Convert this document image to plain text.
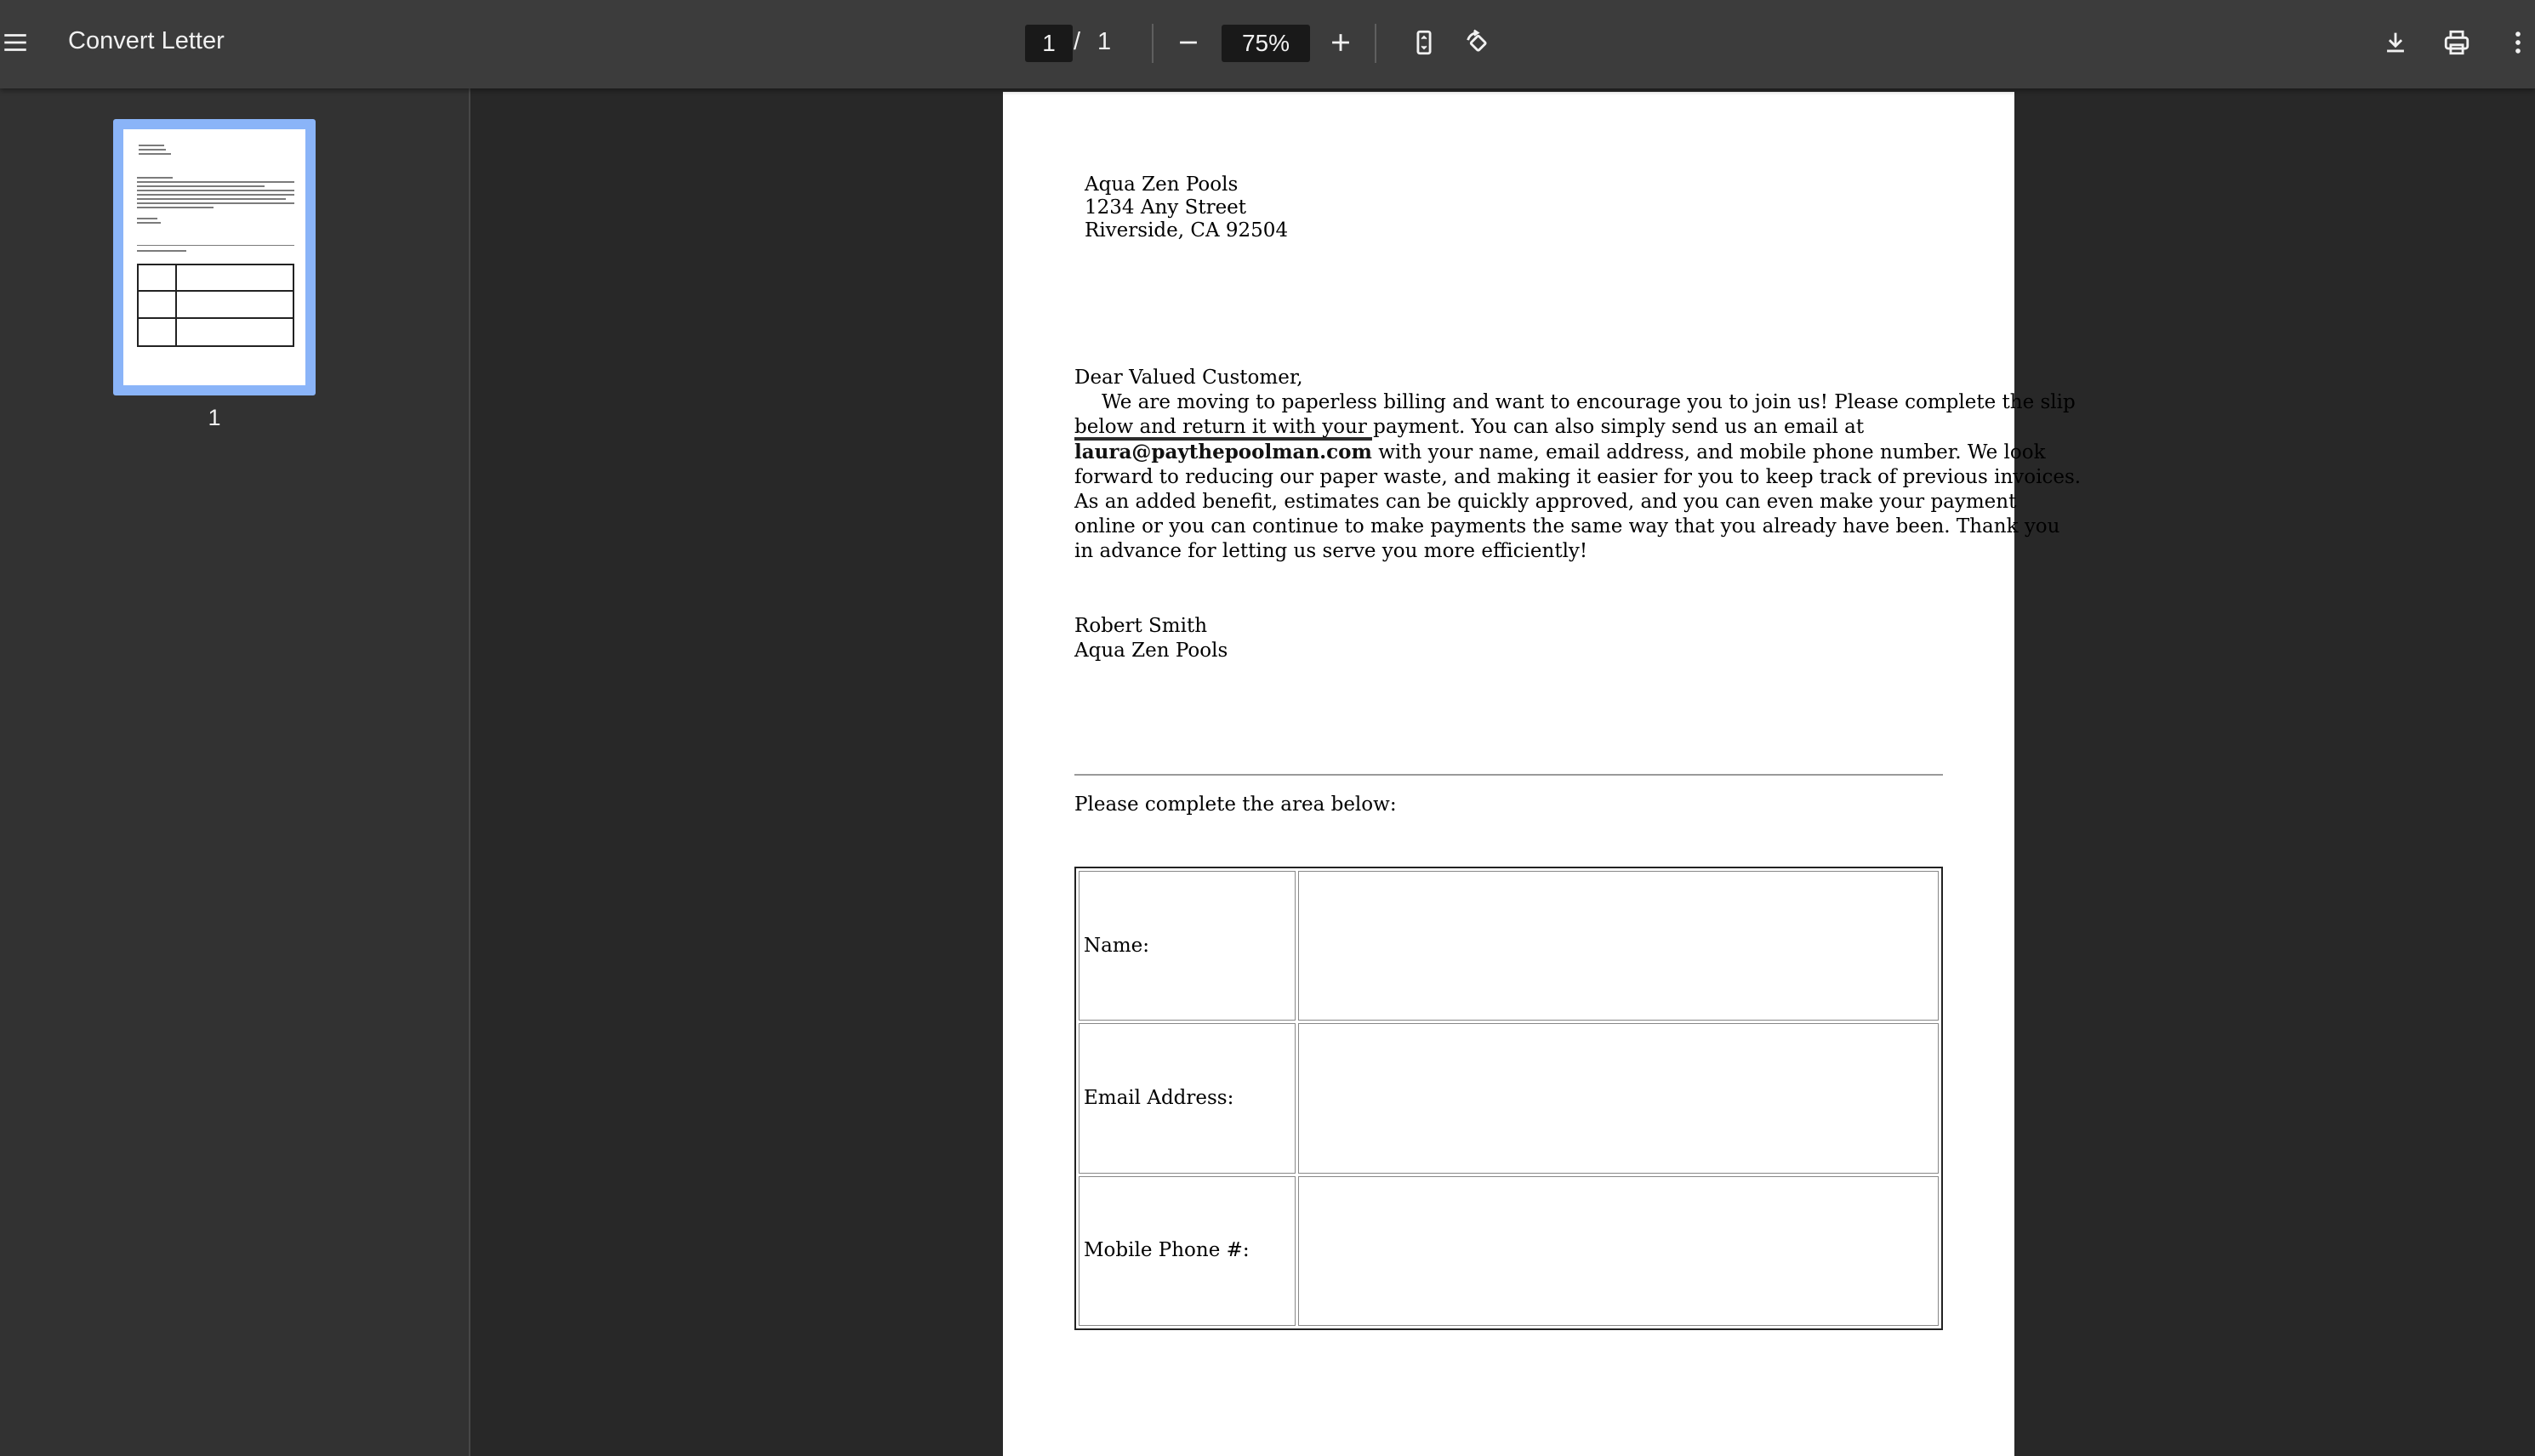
Convert Letter
1	/ 1
75%
1
Aqua Zen Pools
1234 Any Street
Riverside, CA 92504
Dear Valued Customer,
We are moving to paperless billing and want to encourage you to join us! Please complete the slip
below and return it with your payment. You can also simply send us an email at
laura@paythepoolman.com with your name, email address, and mobile phone number. We look
forward to reducing our paper waste, and making it easier for you to keep track of previous invoices.
As an added benefit, estimates can be quickly approved, and you can even make your payment
online or you can continue to make payments the same way that you already have been. Thank you
in advance for letting us serve you more efficiently!
Robert Smith
Aqua Zen Pools
Please complete the area below:
Name:	
Email Address:	
Mobile Phone #:	
